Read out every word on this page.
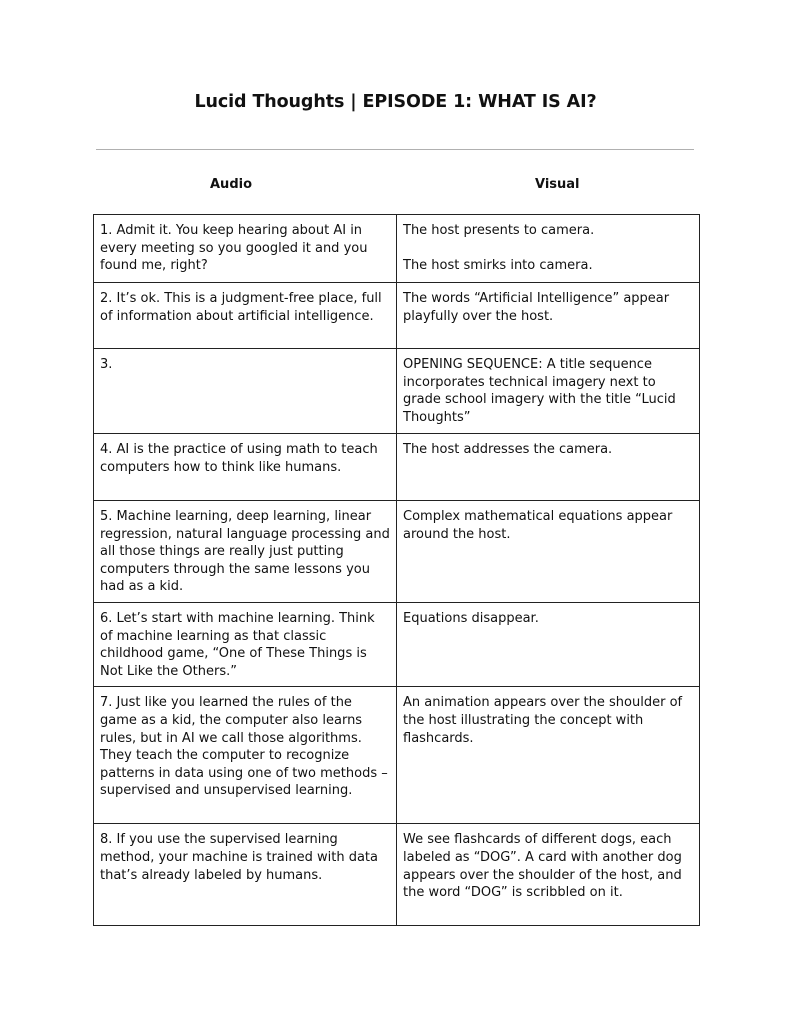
Lucid Thoughts | EPISODE 1: WHAT IS AI?
Audio	Visual
1. Admit it. You keep hearing about AI in every meeting so you googled it and you found me, right?	The host presents to camera.
The host smirks into camera.

2. It’s ok. This is a judgment-free place, full of information about artificial intelligence.	The words “Artificial Intelligence” appear playfully over the host.

3.	OPENING SEQUENCE: A title sequence incorporates technical imagery next to grade school imagery with the title “Lucid Thoughts”

4. AI is the practice of using math to teach computers how to think like humans.	The host addresses the camera.

5. Machine learning, deep learning, linear regression, natural language processing and all those things are really just putting computers through the same lessons you had as a kid.	Complex mathematical equations appear around the host.

6. Let’s start with machine learning. Think of machine learning as that classic childhood game, “One of These Things is Not Like the Others.”	Equations disappear.

7. Just like you learned the rules of the game as a kid, the computer also learns rules, but in AI we call those algorithms. They teach the computer to recognize patterns in data using one of two methods – supervised and unsupervised learning.	An animation appears over the shoulder of the host illustrating the concept with flashcards.

8. If you use the supervised learning method, your machine is trained with data that’s already labeled by humans.	We see flashcards of different dogs, each labeled as “DOG”. A card with another dog appears over the shoulder of the host, and the word “DOG” is scribbled on it.
